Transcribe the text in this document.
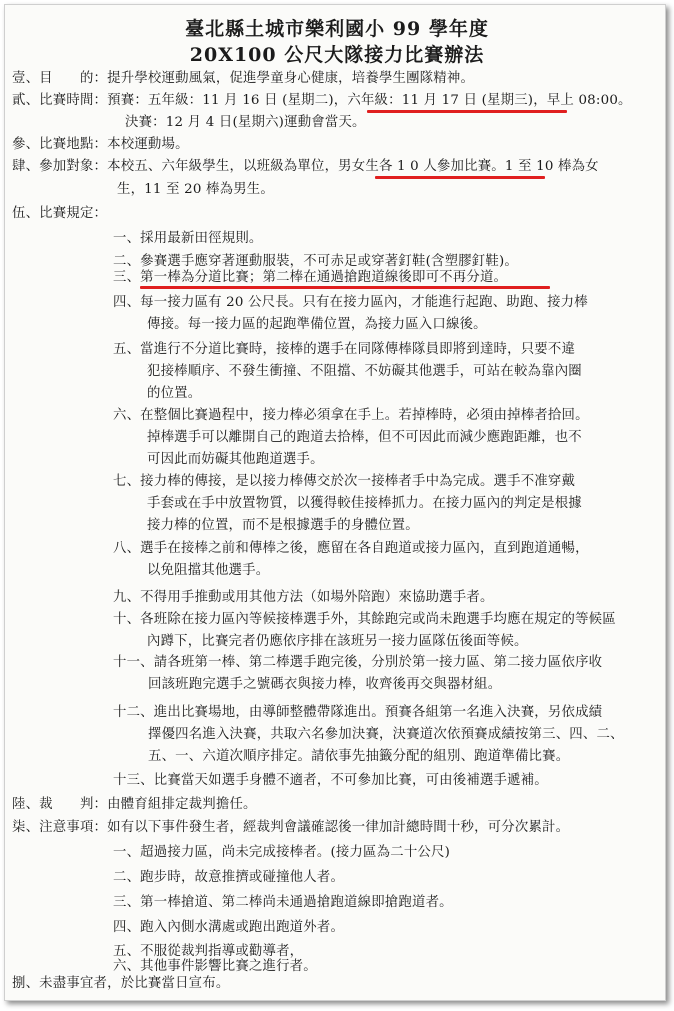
臺北縣土城市樂利國小 99 學年度
20X100 公尺大隊接力比賽辦法
壹、目　　的：提升學校運動風氣，促進學童身心健康，培養學生團隊精神。
貳、比賽時間：預賽：五年級：11 月 16 日 (星期二)，六年級：11 月 17 日 (星期三)，早上 08:00。
決賽：12 月 4 日(星期六)運動會當天。
參、比賽地點：本校運動場。
肆、參加對象：本校五、六年級學生，以班級為單位，男女生各 1 0 人參加比賽。1 至 10 棒為女
生，11 至 20 棒為男生。
伍、比賽規定：
一、採用最新田徑規則。
二、參賽選手應穿著運動服裝，不可赤足或穿著釘鞋(含塑膠釘鞋)。
三、第一棒為分道比賽；第二棒在通過搶跑道線後即可不再分道。
四、每一接力區有 20 公尺長。只有在接力區內，才能進行起跑、助跑、接力棒
傳接。每一接力區的起跑準備位置，為接力區入口線後。
五、當進行不分道比賽時，接棒的選手在同隊傳棒隊員即將到達時，只要不違
犯接棒順序、不發生衝撞、不阻擋、不妨礙其他選手，可站在較為靠內圈
的位置。
六、在整個比賽過程中，接力棒必須拿在手上。若掉棒時，必須由掉棒者拾回。
掉棒選手可以離開自己的跑道去拾棒，但不可因此而減少應跑距離，也不
可因此而妨礙其他跑道選手。
七、接力棒的傳接，是以接力棒傳交於次一接棒者手中為完成。選手不准穿戴
手套或在手中放置物質，以獲得較佳接棒抓力。在接力區內的判定是根據
接力棒的位置，而不是根據選手的身體位置。
八、選手在接棒之前和傳棒之後，應留在各自跑道或接力區內，直到跑道通暢，
以免阻擋其他選手。
九、不得用手推動或用其他方法（如場外陪跑）來協助選手者。
十、各班除在接力區內等候接棒選手外，其餘跑完或尚未跑選手均應在規定的等候區
內蹲下，比賽完者仍應依序排在該班另一接力區隊伍後面等候。
十一、請各班第一棒、第二棒選手跑完後，分別於第一接力區、第二接力區依序收
回該班跑完選手之號碼衣與接力棒，收齊後再交與器材組。
十二、進出比賽場地，由導師整體帶隊進出。預賽各組第一名進入決賽，另依成績
擇優四名進入決賽，共取六名參加決賽，決賽道次依預賽成績按第三、四、二、
五、一、六道次順序排定。請依事先抽籤分配的組別、跑道準備比賽。
十三、比賽當天如選手身體不適者，不可參加比賽，可由後補選手遞補。
陸、裁　　判：由體育組排定裁判擔任。
柒、注意事項：如有以下事件發生者，經裁判會議確認後一律加計總時間十秒，可分次累計。
一、超過接力區，尚未完成接棒者。(接力區為二十公尺)
二、跑步時，故意推擠或碰撞他人者。
三、第一棒搶道、第二棒尚未通過搶跑道線即搶跑道者。
四、跑入內側水溝處或跑出跑道外者。
五、不服從裁判指導或勸導者，
六、其他事件影響比賽之進行者。
捌、未盡事宜者，於比賽當日宣布。
